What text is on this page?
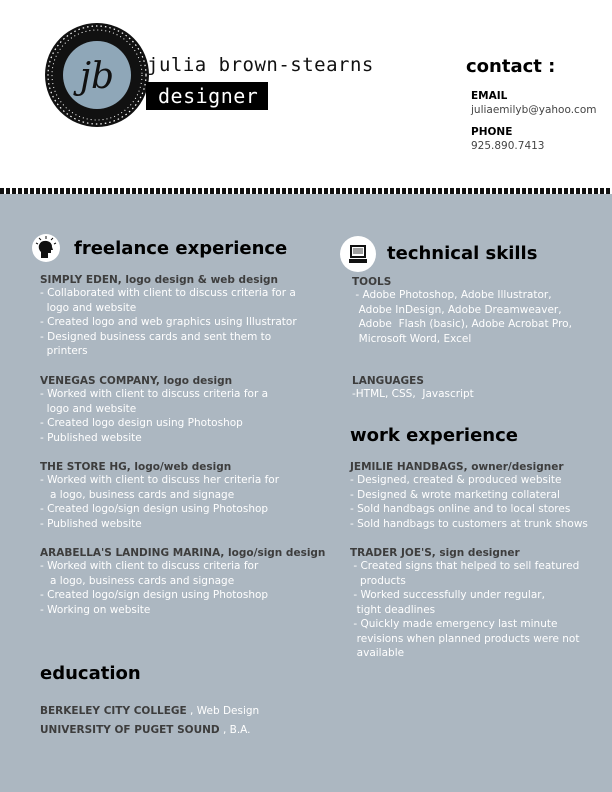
jb julia brown-stearns
designer
contact :
EMAIL
juliaemilyb@yahoo.com
PHONE
925.890.7413
freelance experience
SIMPLY EDEN, logo design & web design
- Collaborated with client to discuss criteria for a
logo and website
- Created logo and web graphics using Illustrator
- Designed business cards and sent them to
printers
VENEGAS COMPANY, logo design
- Worked with client to discuss criteria for a
logo and website
- Created logo design using Photoshop
- Published website
THE STORE HG, logo/web design
- Worked with client to discuss her criteria for
a logo, business cards and signage
- Created logo/sign design using Photoshop
- Published website
ARABELLA'S LANDING MARINA, logo/sign design
- Worked with client to discuss criteria for
a logo, business cards and signage
- Created logo/sign design using Photoshop
- Working on website
education
BERKELEY CITY COLLEGE , Web Design
UNIVERSITY OF PUGET SOUND , B.A.
technical skills
TOOLS
- Adobe Photoshop, Adobe Illustrator,
Adobe InDesign, Adobe Dreamweaver,
Adobe  Flash (basic), Adobe Acrobat Pro,
Microsoft Word, Excel
LANGUAGES
-HTML, CSS,  Javascript
work experience
JEMILIE HANDBAGS, owner/designer
- Designed, created & produced website
- Designed & wrote marketing collateral
- Sold handbags online and to local stores
- Sold handbags to customers at trunk shows
TRADER JOE'S, sign designer
- Created signs that helped to sell featured
products
- Worked successfully under regular,
tight deadlines
- Quickly made emergency last minute
revisions when planned products were not
available
